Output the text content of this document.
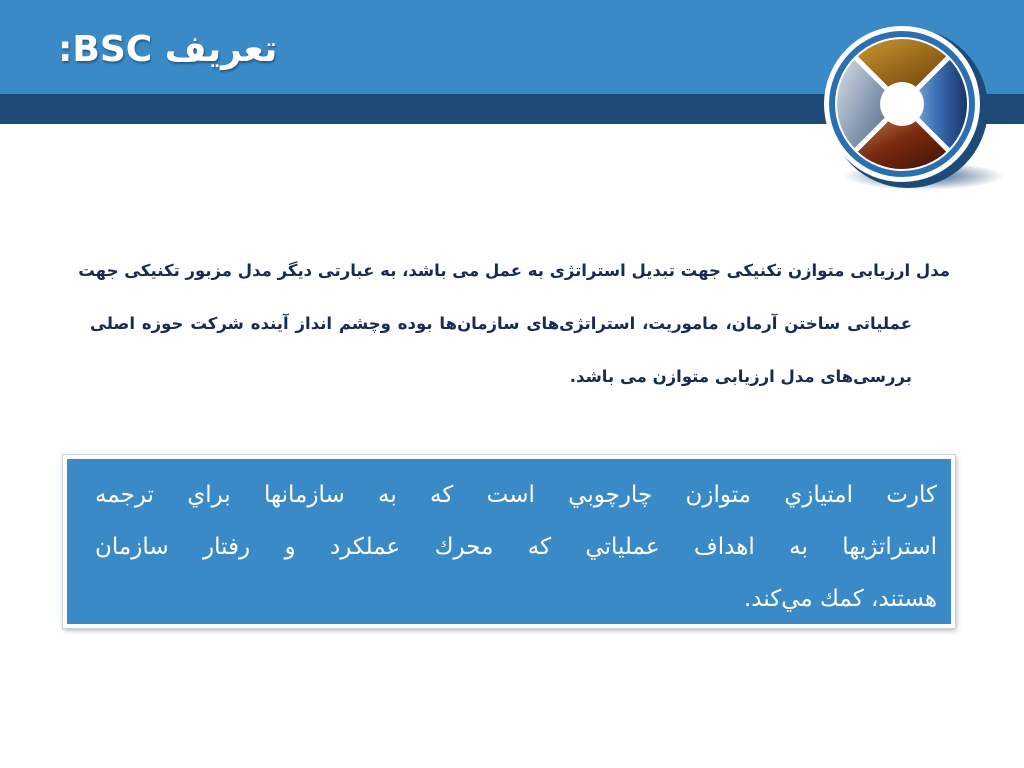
تعریف BSC:
مدل ارزیابی متوازن تکنیکی جهت تبدیل استراتژی به عمل می باشد، به عبارتی دیگر مدل مزبور تکنیکی جهت
عملیاتی ساختن آرمان، ماموریت، استراتژی‌های سازمان‌ها بوده وچشم انداز آینده شرکت حوزه اصلی
بررسی‌های مدل ارزیابی متوازن می باشد.

كارت امتيازي متوازن چارچوبي است كه به سازمانها براي ترجمه
استراتژيها به اهداف عملياتي كه محرك عملكرد و رفتار سازمان
هستند، كمك مي‌كند.
